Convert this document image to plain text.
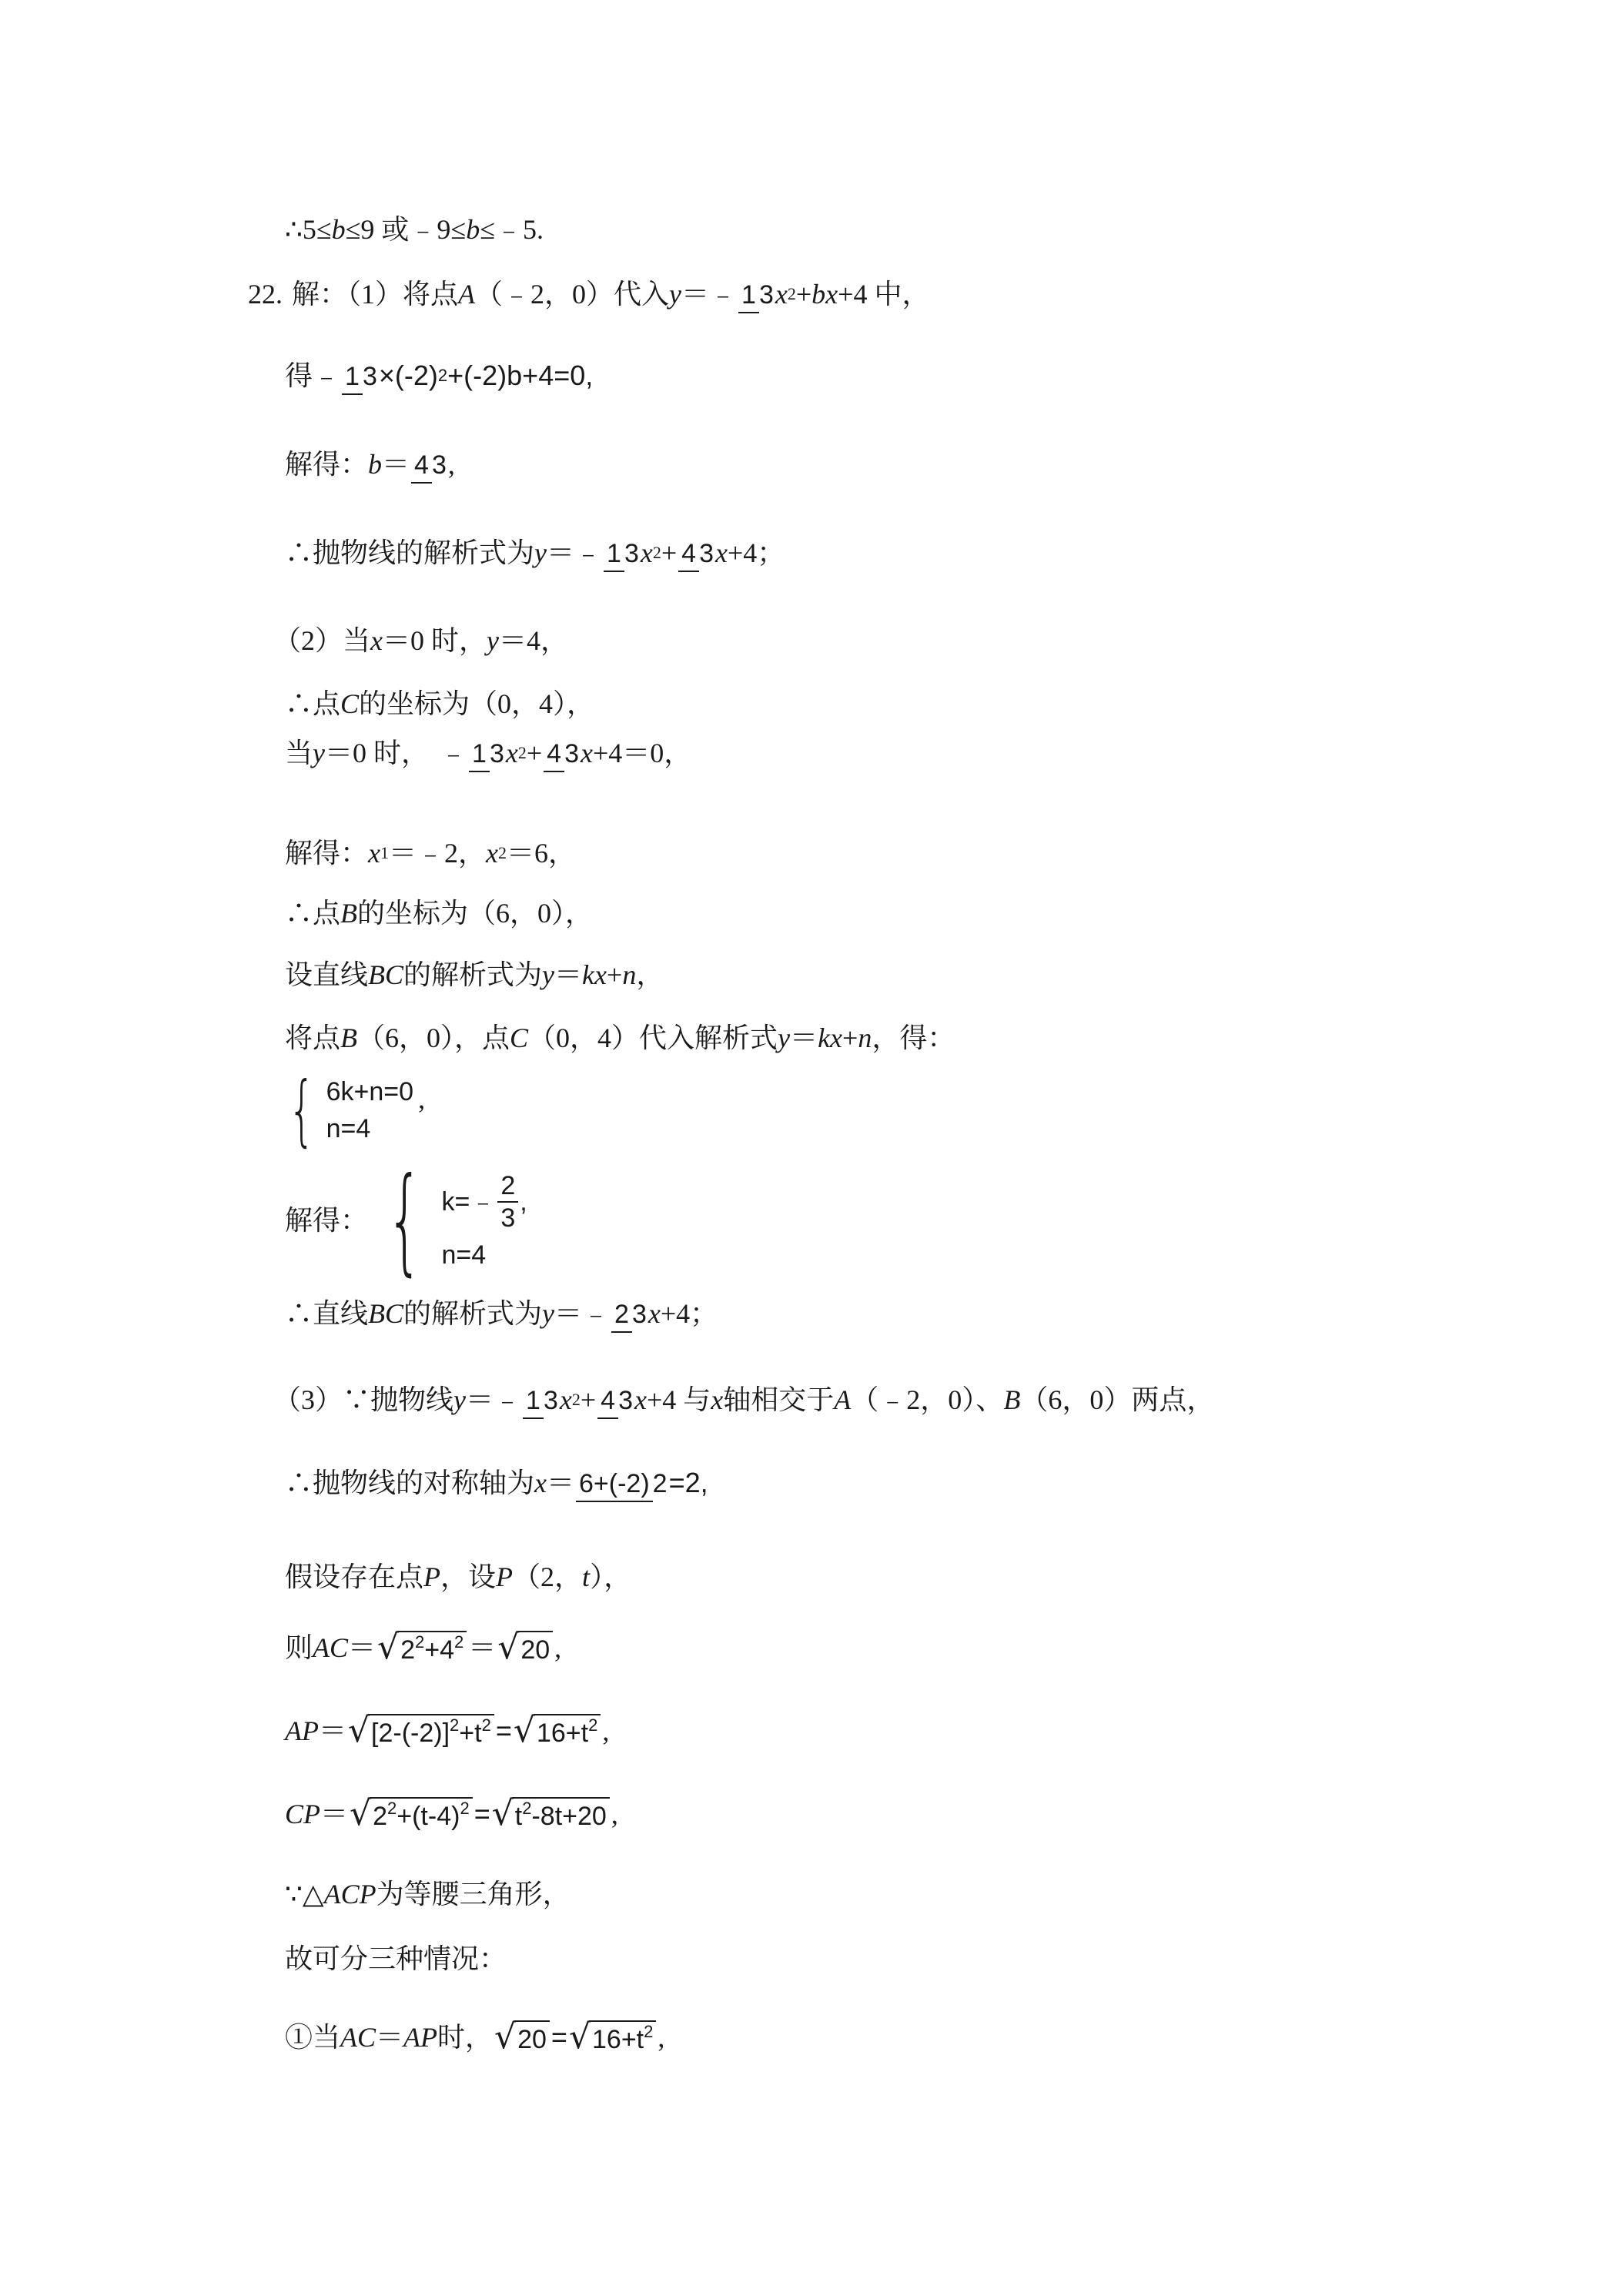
∴5≤ b ≤9 或﹣9≤ b ≤﹣5.
22. 解：（1）将点 A （﹣2，0）代入 y ＝﹣ 1 3 x 2 + bx +4 中，
得 ﹣ 1 3 ×(-2) 2 +(-2)b+4=0,
解得： b ＝ 4 3 ,
∴抛物线的解析式为 y ＝﹣ 1 3 x 2 + 4 3 x +4；
（2）当 x ＝0 时， y ＝4，
∴点 C 的坐标为（0，4），
当 y ＝0 时， ﹣ 1 3 x 2 + 4 3 x +4＝0，
解得： x 1 ＝﹣2， x 2 ＝6，
∴点 B 的坐标为（6，0），
设直线 BC 的解析式为 y ＝ kx + n ，
将点 B （6，0），点 C （0，4）代入解析式 y ＝ kx + n ，得：
{ 6k+n=0
n=4
,
解得： { k= ﹣ $\frac{2}{3}$ ,
n=4
∴直线 BC 的解析式为 y ＝﹣ 2 3 x +4；
（3）∵抛物线 y ＝﹣ 1 3 x 2 + 4 3 x +4 与 x 轴相交于 A （﹣2，0）、 B （6，0）两点，
∴抛物线的对称轴为 x ＝ 6+(-2) 2 =2,
假设存在点 P ，设 P （2， t ），
则 AC ＝ $√2^2+4^2 = √20$ ,
AP ＝ $√[2-(-2)]^2+t^2 = √16+t^2$ ,
CP ＝ $√2^2+(t-4)^2 = √t^2-8t+20$ ,
∵△ ACP 为等腰三角形，
故可分三种情况：
①当 AC ＝ AP 时， $√20 = √16+t^2$ ,
